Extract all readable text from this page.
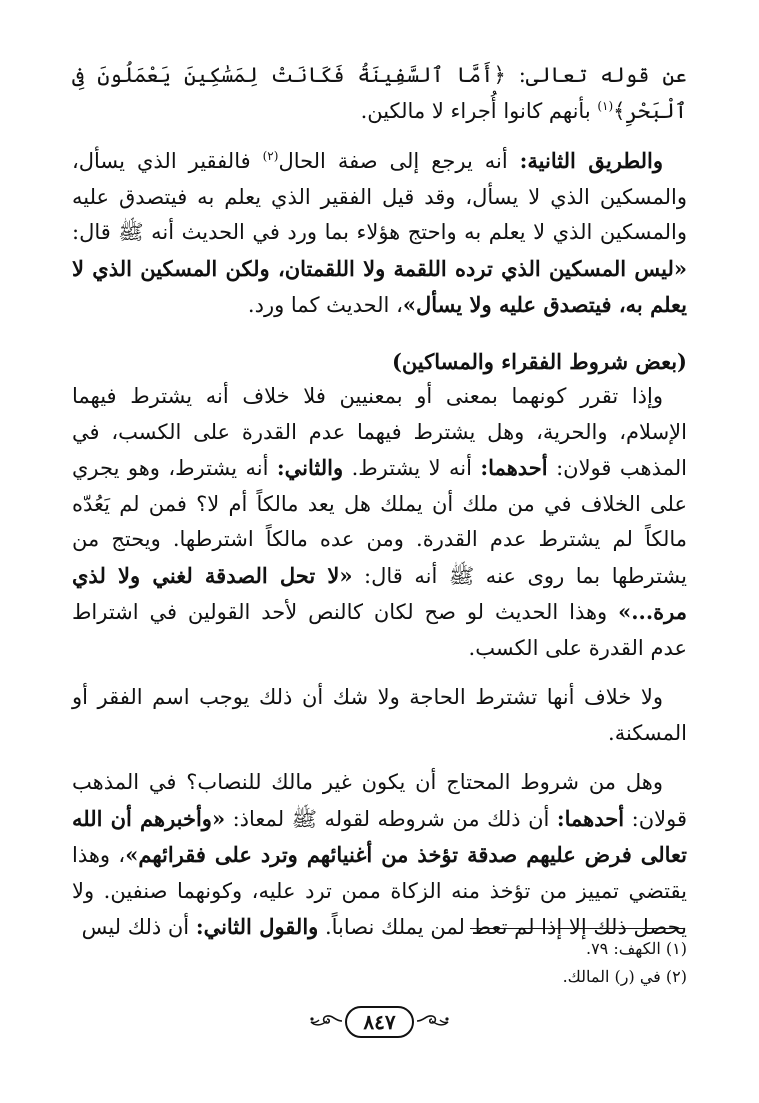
عن قوله تعالى: ﴿أَمَّا ٱلسَّفِينَةُ فَكَانَتْ لِمَسَٰكِينَ يَعْمَلُونَ فِى ٱلْبَحْرِ﴾$^{(١)}$ بأنهم كانوا أُجراء لا مالكين.

والطريق الثانية: أنه يرجع إلى صفة الحال$^{(٢)}$ فالفقير الذي يسأل، والمسكين الذي لا يسأل، وقد قيل الفقير الذي يعلم به فيتصدق عليه والمسكين الذي لا يعلم به واحتج هؤلاء بما ورد في الحديث أنه ﷺ قال: «ليس المسكين الذي ترده اللقمة ولا اللقمتان، ولكن المسكين الذي لا يعلم به، فيتصدق عليه ولا يسأل»، الحديث كما ورد.

(بعض شروط الفقراء والمساكين)

وإذا تقرر كونهما بمعنى أو بمعنيين فلا خلاف أنه يشترط فيهما الإسلام، والحرية، وهل يشترط فيهما عدم القدرة على الكسب، في المذهب قولان: أحدهما: أنه لا يشترط. والثاني: أنه يشترط، وهو يجري على الخلاف في من ملك أن يملك هل يعد مالكاً أم لا؟ فمن لم يَعُدّه مالكاً لم يشترط عدم القدرة. ومن عده مالكاً اشترطها. ويحتج من يشترطها بما روى عنه ﷺ أنه قال: «لا تحل الصدقة لغني ولا لذي مرة...» وهذا الحديث لو صح لكان كالنص لأحد القولين في اشتراط عدم القدرة على الكسب.

ولا خلاف أنها تشترط الحاجة ولا شك أن ذلك يوجب اسم الفقر أو المسكنة.

وهل من شروط المحتاج أن يكون غير مالك للنصاب؟ في المذهب قولان: أحدهما: أن ذلك من شروطه لقوله ﷺ لمعاذ: «وأخبرهم أن الله تعالى فرض عليهم صدقة تؤخذ من أغنيائهم وترد على فقرائهم»، وهذا يقتضي تمييز من تؤخذ منه الزكاة ممن ترد عليه، وكونهما صنفين. ولا يحصل ذلك إلا إذا لم تعط لمن يملك نصاباً. والقول الثاني: أن ذلك ليس

(١) الكهف: ٧٩.

(٢) في (ر) المالك.

٨٤٧
